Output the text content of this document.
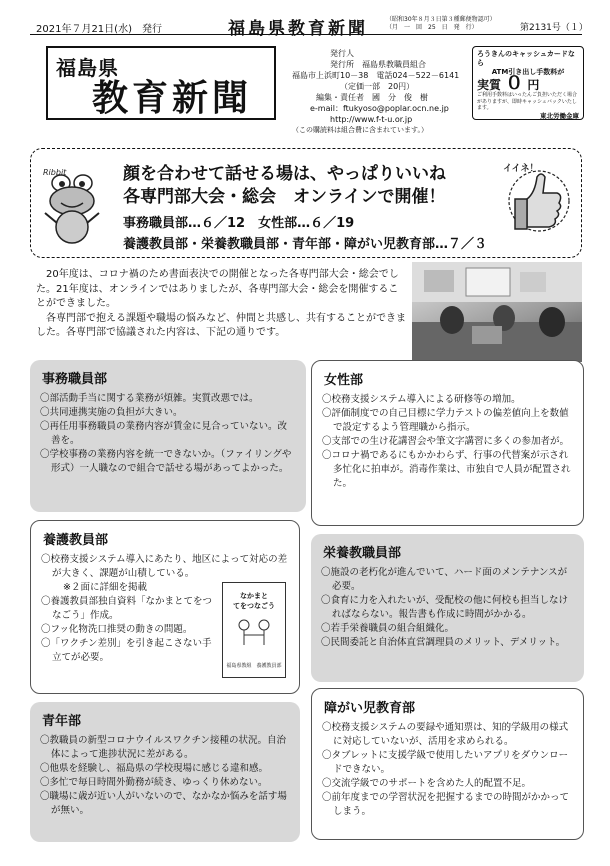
2021年７月21日(水)　発行	福島県教育新聞	（昭和30年８月３日第３種郵便物認可）
（月　一　回　25　日　発　行）	第2131号（１）
福島県
教育新聞
発行人
発行所　福島県教職員組合
福島市上浜町10－38　電話024－522－6141
（定価一部　20円）
編集・責任者　國　分　俊　樹
e-mail：ftukyoso@poplar.ocn.ne.jp
http://www.f-t-u.or.jp
（この購読料は組合費に含まれています。）
ろうきんのキャッシュカードなら
ATM引き出し手数料が
実質 ０ 円
ご利用手数料はいったんご負担いただく場合がありますが、即時キャッシュバックいたします。
東北労働金庫
Ribbit	顔を合わせて話せる場は、やっぱりいいね
各専門部大会・総会　オンラインで開催！
事務職員部…６／12　女性部…６／19
養護教員部・栄養教職員部・青年部・障がい児教育部…７／３
イイネ！

20年度は、コロナ禍のため書面表決での開催となった各専門部大会・総会でした。21年度は、オンラインではありましたが、各専門部大会・総会を開催することができました。

各専門部で抱える課題や職場の悩みなど、仲間と共感し、共有することができました。各専門部で協議された内容は、下記の通りです。

事務職員部
〇 部活動手当に関する業務が煩雑。実質改悪では。
〇 共同連携実施の負担が大きい。
〇 再任用事務職員の業務内容が賃金に見合っていない。改善を。
〇 学校事務の業務内容を統一できないか。（ファイリングや形式）一人職なので組合で話せる場があってよかった。
女性部
〇 校務支援システム導入による研修等の増加。
〇 評価制度での自己目標に学力テストの偏差値向上を数値で設定するよう管理職から指示。
〇 支部での生け花講習会や筆文字講習に多くの参加者が。
〇 コロナ禍であるにもかかわらず、行事の代替案が示され多忙化に拍車が。消毒作業は、市独自で人員が配置された。
養護教員部
〇 校務支援システム導入にあたり、地区によって対応の差が大きく、課題が山積している。
※２面に詳細を掲載
〇 養護教員部独自資料「なかまとてをつなごう」作成。
〇 フッ化物洗口推奨の動きの問題。
〇 「ワクチン差別」を引き起こさない手立てが必要。
なかまと
てをつなごう
福島県教組　養護教員部
栄養教職員部
〇 施設の老朽化が進んでいて、ハード面のメンテナンスが必要。
〇 食育に力を入れたいが、受配校の他に何校も担当しなければならない。報告書も作成に時間がかかる。
〇 若手栄養職員の組合組織化。
〇 民間委託と自治体直営調理員のメリット、デメリット。
青年部
〇 教職員の新型コロナウイルスワクチン接種の状況。自治体によって進捗状況に差がある。
〇 他県を経験し、福島県の学校現場に感じる違和感。
〇 多忙で毎日時間外勤務が続き、ゆっくり休めない。
〇 職場に歳が近い人がいないので、なかなか悩みを話す場が無い。
障がい児教育部
〇 校務支援システムの要録や通知票は、知的学級用の様式に対応していないが、活用を求められる。
〇 タブレットに支援学級で使用したいアプリをダウンロードできない。
〇 交流学級でのサポートを含めた人的配置不足。
〇 前年度までの学習状況を把握するまでの時間がかかってしまう。
